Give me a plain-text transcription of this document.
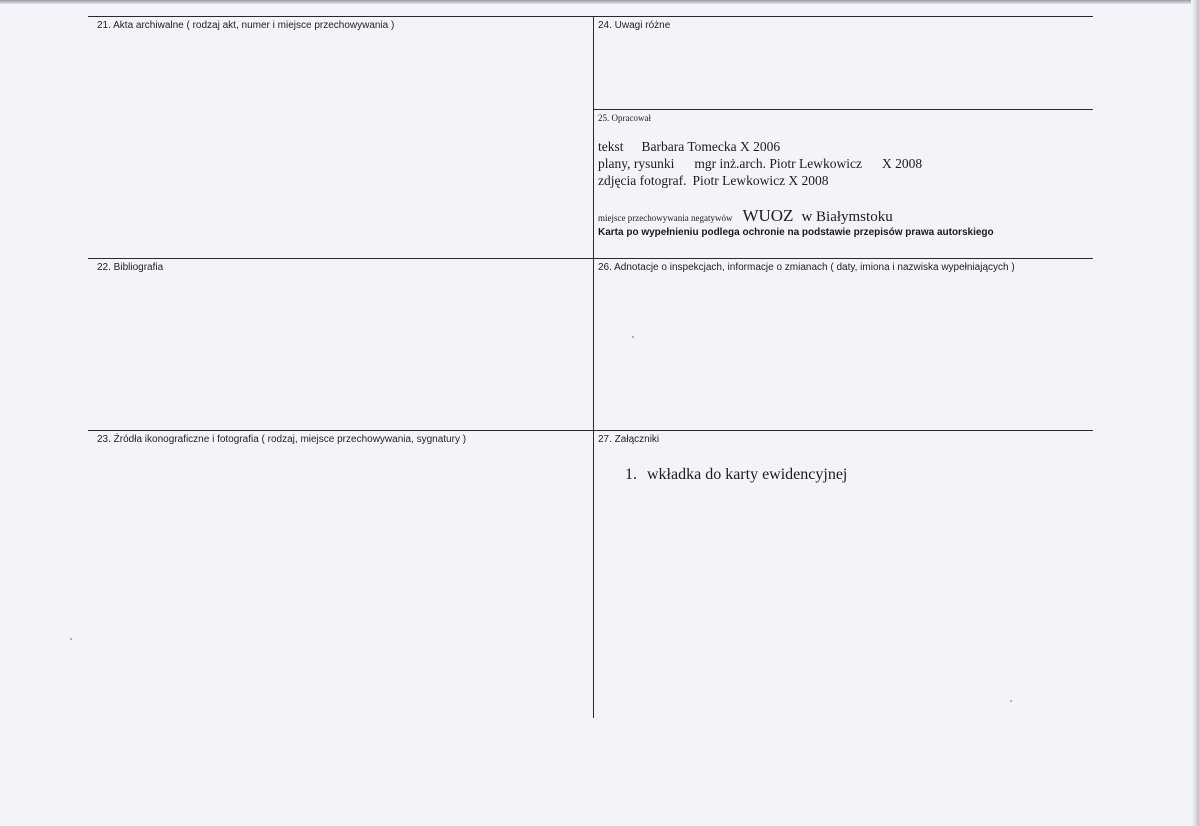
21. Akta archiwalne ( rodzaj akt, numer i miejsce przechowywania )	24. Uwagi różne
25. Opracował
tekst Barbara Tomecka X 2006
plany, rysunki mgr inż.arch. Piotr Lewkowicz X 2008
zdjęcia fotograf. Piotr Lewkowicz X 2008
miejsce przechowywania negatywów WUOZ w Białymstoku
Karta po wypełnieniu podlega ochronie na podstawie przepisów prawa autorskiego
22. Bibliografia	26. Adnotacje o inspekcjach, informacje o zmianach ( daty, imiona i nazwiska wypełniających )
23. Źródła ikonograficzne i fotografia ( rodzaj, miejsce przechowywania, sygnatury )	27. Załączniki
1. wkładka do karty ewidencyjnej
